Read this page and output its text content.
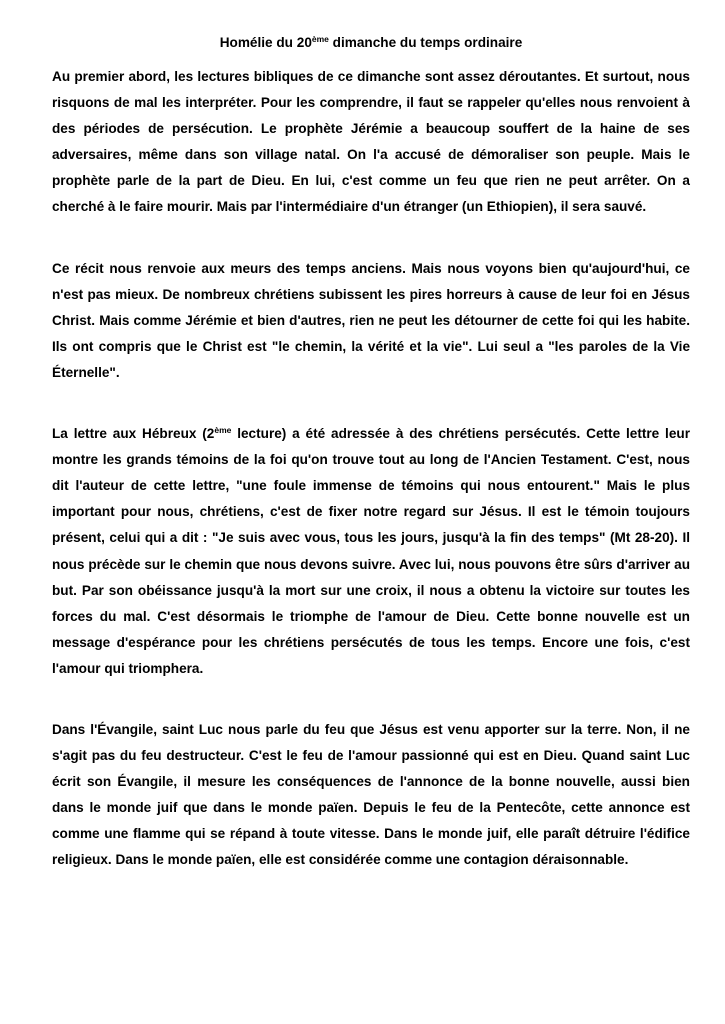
Homélie du 20ème dimanche du temps ordinaire

Au premier abord, les lectures bibliques de ce dimanche sont assez déroutantes. Et surtout, nous risquons de mal les interpréter. Pour les comprendre, il faut se rappeler qu'elles nous renvoient à des périodes de persécution. Le prophète Jérémie a beaucoup souffert de la haine de ses adversaires, même dans son village natal. On l'a accusé de démoraliser son peuple. Mais le prophète parle de la part de Dieu. En lui, c'est comme un feu que rien ne peut arrêter. On a cherché à le faire mourir. Mais par l'intermédiaire d'un étranger (un Ethiopien), il sera sauvé.

Ce récit nous renvoie aux meurs des temps anciens. Mais nous voyons bien qu'aujourd'hui, ce n'est pas mieux. De nombreux chrétiens subissent les pires horreurs à cause de leur foi en Jésus Christ. Mais comme Jérémie et bien d'autres, rien ne peut les détourner de cette foi qui les habite. Ils ont compris que le Christ est "le chemin, la vérité et la vie". Lui seul a "les paroles de la Vie Éternelle".

La lettre aux Hébreux (2ème lecture) a été adressée à des chrétiens persécutés. Cette lettre leur montre les grands témoins de la foi qu'on trouve tout au long de l'Ancien Testament. C'est, nous dit l'auteur de cette lettre, "une foule immense de témoins qui nous entourent." Mais le plus important pour nous, chrétiens, c'est de fixer notre regard sur Jésus. Il est le témoin toujours présent, celui qui a dit : "Je suis avec vous, tous les jours, jusqu'à la fin des temps" (Mt 28-20). Il nous précède sur le chemin que nous devons suivre. Avec lui, nous pouvons être sûrs d'arriver au but. Par son obéissance jusqu'à la mort sur une croix, il nous a obtenu la victoire sur toutes les forces du mal. C'est désormais le triomphe de l'amour de Dieu. Cette bonne nouvelle est un message d'espérance pour les chrétiens persécutés de tous les temps. Encore une fois, c'est l'amour qui triomphera.

Dans l'Évangile, saint Luc nous parle du feu que Jésus est venu apporter sur la terre. Non, il ne s'agit pas du feu destructeur. C'est le feu de l'amour passionné qui est en Dieu. Quand saint Luc écrit son Évangile, il mesure les conséquences de l'annonce de la bonne nouvelle, aussi bien dans le monde juif que dans le monde païen. Depuis le feu de la Pentecôte, cette annonce est comme une flamme qui se répand à toute vitesse. Dans le monde juif, elle paraît détruire l'édifice religieux. Dans le monde païen, elle est considérée comme une contagion déraisonnable.
